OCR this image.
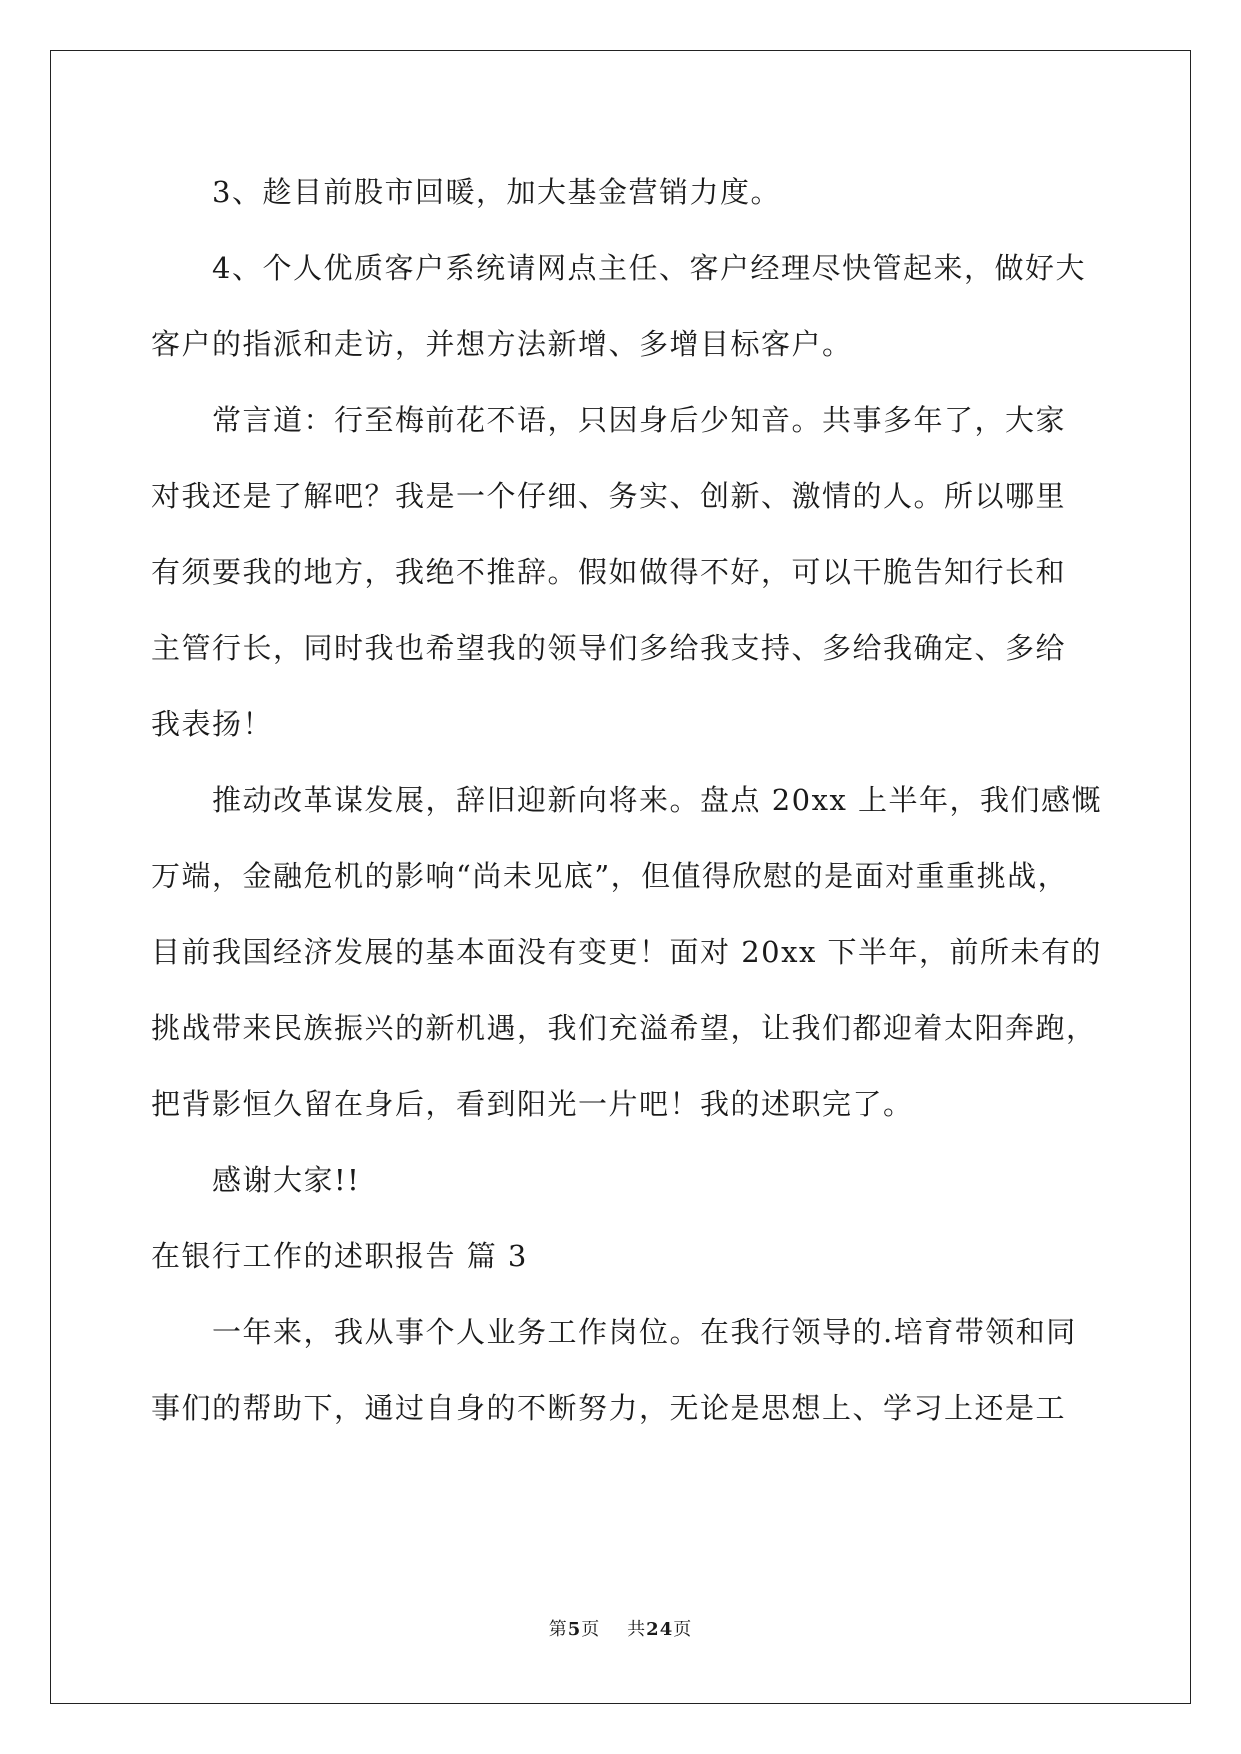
　　3、趁目前股市回暖，加大基金营销力度。
　　4、个人优质客户系统请网点主任、客户经理尽快管起来，做好大
客户的指派和走访，并想方法新增、多增目标客户。
　　常言道：行至梅前花不语，只因身后少知音。共事多年了，大家
对我还是了解吧？我是一个仔细、务实、创新、激情的人。所以哪里
有须要我的地方，我绝不推辞。假如做得不好，可以干脆告知行长和
主管行长，同时我也希望我的领导们多给我支持、多给我确定、多给
我表扬！
　　推动改革谋发展，辞旧迎新向将来。盘点 20xx 上半年，我们感慨
万端，金融危机的影响“尚未见底”，但值得欣慰的是面对重重挑战，
目前我国经济发展的基本面没有变更！面对 20xx 下半年，前所未有的
挑战带来民族振兴的新机遇，我们充溢希望，让我们都迎着太阳奔跑，
把背影恒久留在身后，看到阳光一片吧！我的述职完了。
　　感谢大家!!
在银行工作的述职报告 篇 3
　　一年来，我从事个人业务工作岗位。在我行领导的.培育带领和同
事们的帮助下，通过自身的不断努力，无论是思想上、学习上还是工
第5页    共24页
